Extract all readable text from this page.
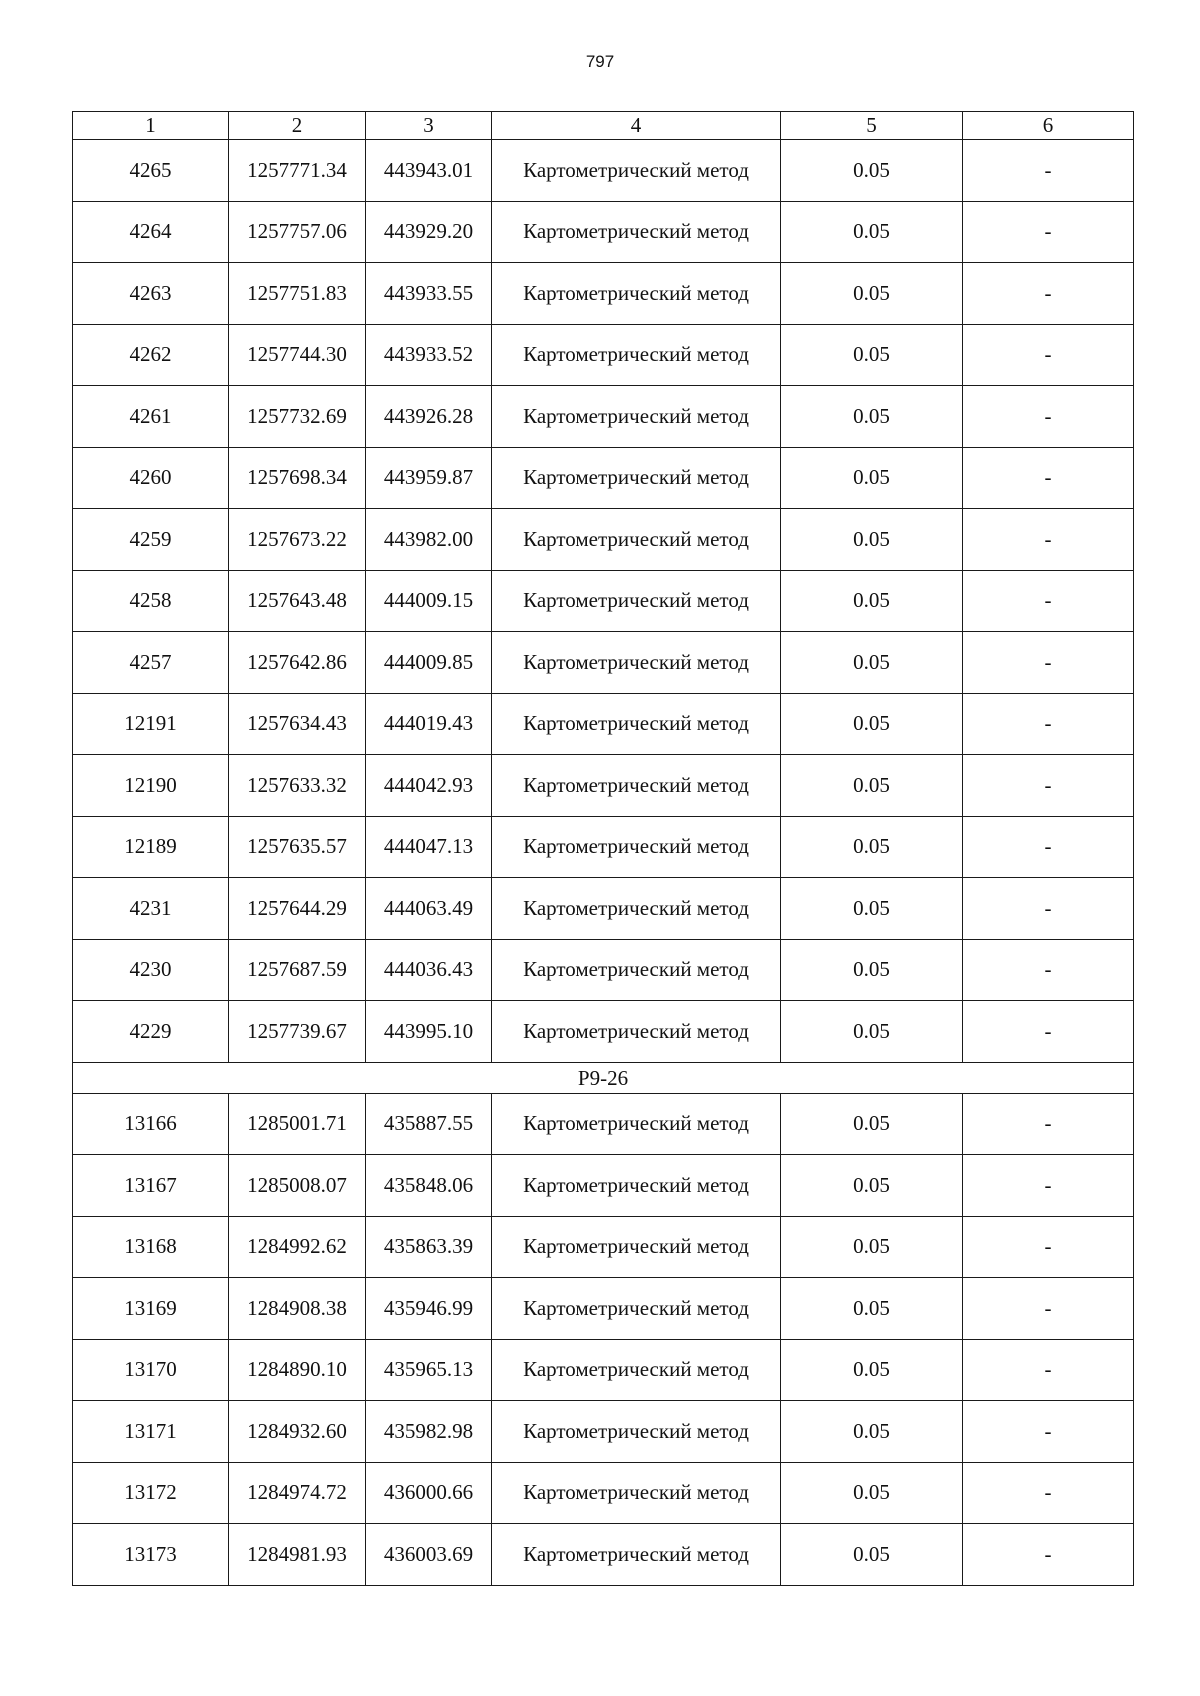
797
1	2	3	4	5	6
4265	1257771.34	443943.01	Картометрический метод	0.05	-
4264	1257757.06	443929.20	Картометрический метод	0.05	-
4263	1257751.83	443933.55	Картометрический метод	0.05	-
4262	1257744.30	443933.52	Картометрический метод	0.05	-
4261	1257732.69	443926.28	Картометрический метод	0.05	-
4260	1257698.34	443959.87	Картометрический метод	0.05	-
4259	1257673.22	443982.00	Картометрический метод	0.05	-
4258	1257643.48	444009.15	Картометрический метод	0.05	-
4257	1257642.86	444009.85	Картометрический метод	0.05	-
12191	1257634.43	444019.43	Картометрический метод	0.05	-
12190	1257633.32	444042.93	Картометрический метод	0.05	-
12189	1257635.57	444047.13	Картометрический метод	0.05	-
4231	1257644.29	444063.49	Картометрический метод	0.05	-
4230	1257687.59	444036.43	Картометрический метод	0.05	-
4229	1257739.67	443995.10	Картометрический метод	0.05	-
Р9-26					
13166	1285001.71	435887.55	Картометрический метод	0.05	-
13167	1285008.07	435848.06	Картометрический метод	0.05	-
13168	1284992.62	435863.39	Картометрический метод	0.05	-
13169	1284908.38	435946.99	Картометрический метод	0.05	-
13170	1284890.10	435965.13	Картометрический метод	0.05	-
13171	1284932.60	435982.98	Картометрический метод	0.05	-
13172	1284974.72	436000.66	Картометрический метод	0.05	-
13173	1284981.93	436003.69	Картометрический метод	0.05	-
